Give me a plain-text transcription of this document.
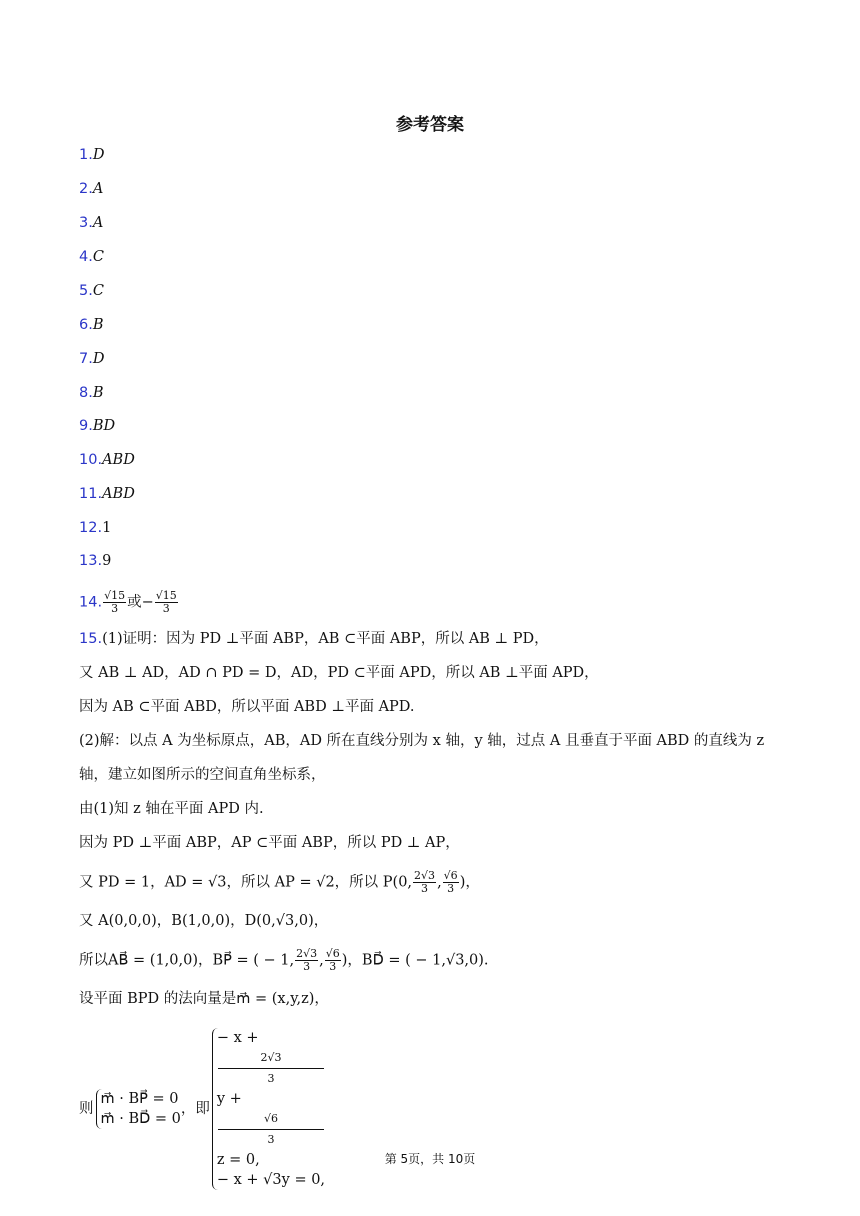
参考答案
1.D
2.A
3.A
4.C
5.C
6.B
7.D
8.B
9.BD
10.ABD
11.ABD
12.1
13.9
14. $\frac{√15}{3}$ 或− $\frac{√15}{3}$
15.(1)证明：因为 PD ⊥平面 ABP，AB ⊂平面 ABP，所以 AB ⊥ PD，
又 AB ⊥ AD，AD ∩ PD = D，AD，PD ⊂平面 APD，所以 AB ⊥平面 APD，
因为 AB ⊂平面 ABD，所以平面 ABD ⊥平面 APD.
(2)解：以点 A 为坐标原点，AB，AD 所在直线分别为 x 轴，y 轴，过点 A 且垂直于平面 ABD 的直线为 z
轴，建立如图所示的空间直角坐标系，
由(1)知 z 轴在平面 APD 内.
因为 PD ⊥平面 ABP，AP ⊂平面 ABP，所以 PD ⊥ AP，
又 PD = 1，AD = √3，所以 AP = √2，所以 P(0, $\frac{2√3}{3}$ , $\frac{√6}{3}$ )，
又 A(0,0,0)，B(1,0,0)，D(0,√3,0)，
所以AB⃗ = (1,0,0)，BP⃗ = ( − 1, $\frac{2√3}{3}$ , $\frac{√6}{3}$ )，BD⃗ = ( − 1,√3,0).
设平面 BPD 的法向量是m⃗ = (x,y,z)，
则
m⃗ · BP⃗ = 0
m⃗ · BD⃗ = 0
，即
− x +
2√3
3
y +
√6
3
z = 0,
− x + √3y = 0,
第 5页，共 10页
